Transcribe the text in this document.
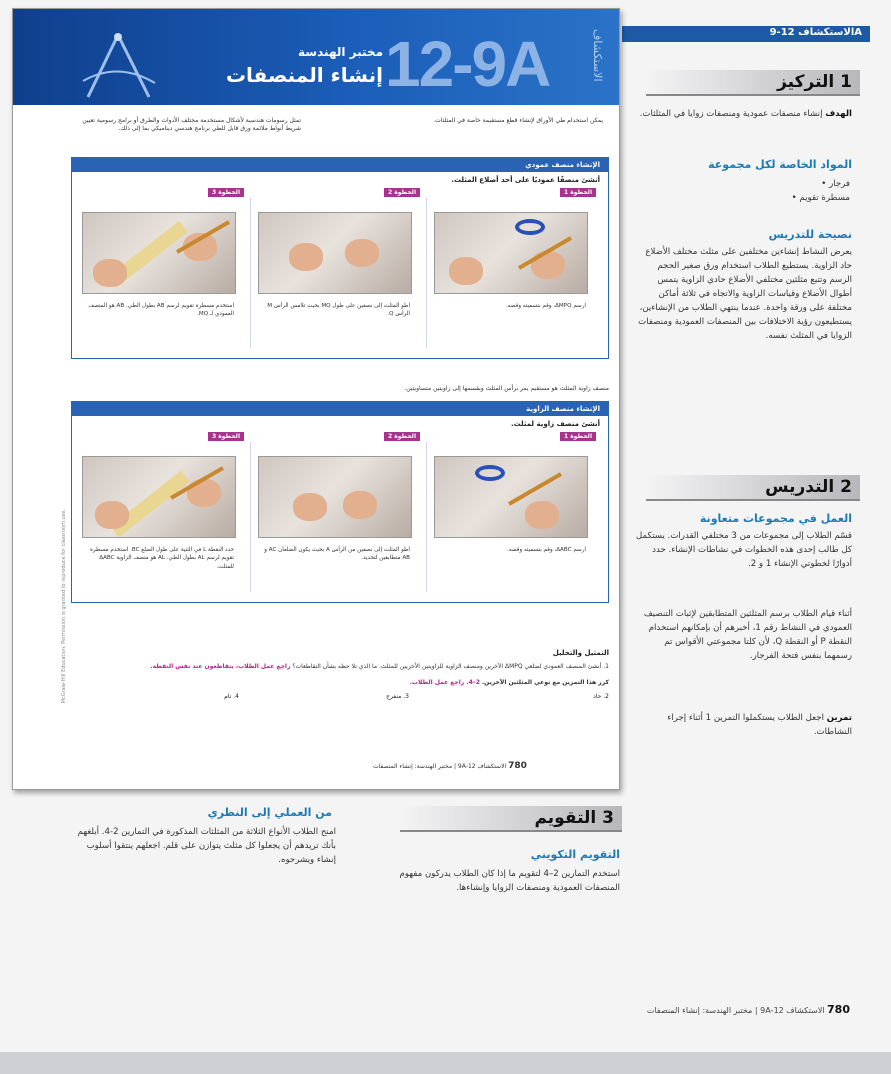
الاستكشاف 12-9A
12-9A
مختبر الهندسة
إنشاء المنصفات	الاستكشاف
يمكن استخدام طي الأوراق لإنشاء قطع مستقيمة خاصة في المثلثات.
تمثل رسومات هندسية لأشكال مستخدمة مختلف الأدوات والطرق أو برامج رسومية تعيين شريط أنواط ملائمة ورق قابل للطي برنامج هندسي ديناميكي بما إلى ذلك.
الإنشاء منصف عمودي
أنشئ منصفًا عموديًا على أحد أضلاع المثلث.
الخطوة 1
ارسم ΔMPQ، وقم بتسميته وقصه.
الخطوة 2
اطو المثلث إلى نصفين على طول MQ بحيث تلامس الرأس M الرأس Q.
الخطوة 3
استخدم مسطرة تقويم لرسم AB بطول الطي. AB هو المنصف العمودي لـ MQ.
منصف زاوية المثلث هو مستقيم يمر برأس المثلث ويقسمها إلى زاويتين متساويتين.
الإنشاء منصف الزاوية
أنشئ منصف زاوية لمثلث.
الخطوة 1
ارسم ΔABC، وقم بتسميته وقصه.
الخطوة 2
اطو المثلث إلى نصفين من الرأس A بحيث يكون الضلعان AC و AB متطابقين لتحديد.
الخطوة 3
حدد النقطة L في الثنية على طول الضلع BC. استخدم مسطرة تقويم لرسم AL بطول الطي. AL هو منصف الزاوية ΔABC للمثلث.
التمثيل والتحليل

1. أنشئ المنصف العمودي لضلعي ΔMPQ الآخرين ومنصف الزاوية للزاويتين الأخريين للمثلث. ما الذي تلا حظه بشأن التقاطعات؟ راجع عمل الطلاب، يتقاطعون عند نفس النقطة.

كرر هذا التمرين مع نوعي المثلثين الآخرين. 2–4. راجع عمل الطلاب.

2. حاد
3. منفرج
4. تام
780 الاستكشاف 12-9A | مختبر الهندسة: إنشاء المنصفات
McGraw-Hill Education. Permission is granted to reproduce for classroom use.
1 التركيز
الهدف إنشاء منصفات عمودية ومنصفات زوايا في المثلثات.
المواد الخاصة لكل مجموعة
فرجار •
مسطرة تقويم •
نصيحة للتدريس
يعرض النشاط إنشاءين مختلفين على مثلث مختلف الأضلاع حاد الزاوية. يستطيع الطلاب استخدام ورق صغير الحجم الرسم وتتبع مثلثين مختلفي الأضلاع حادي الزاوية يتمس أطوال الأضلاع وقياسات الزاوية والاتجاه في ثلاثة أماكن مختلفة على ورقة واحدة. عندما ينتهي الطلاب من الإنشاءين، يستطيعون رؤية الاختلافات بين المنصفات العمودية ومنصفات الزوايا في المثلث نفسه.
2 التدريس
العمل في مجموعات متعاونة
قسّم الطلاب إلى مجموعات من 3 مختلفي القدرات. يستكمل كل طالب إحدى هذه الخطوات في نشاطات الإنشاء. حدد أدوارًا لخطوتي الإنشاء 1 و 2.
أثناء قيام الطلاب برسم المثلثين المتطابقين لإثبات التنصيف العمودي في النشاط رقم 1، أخبرهم أن بإمكانهم استخدام النقطة P أو النقطة Q، لأن كلتا مجموعتي الأقواس تم رسمهما بنفس فتحة الفرجار.
تمرين اجعل الطلاب يستكملوا التمرين 1 أثناء إجراء النشاطات.
3 التقويم
التقويم التكويني
استخدم التمارين 2–4 لتقويم ما إذا كان الطلاب يدركون مفهوم المنصفات العمودية ومنصفات الزوايا وإنشاءها.
من العملي إلى النظري
امنح الطلاب الأنواع الثلاثة من المثلثات المذكورة في التمارين 2-4. أبلغهم بأنك تريدهم أن يجعلوا كل مثلث يتوازن على قلم. اجعلهم ينتقوا أسلوب إنشاء ويشرحوه.
780 الاستكشاف 12-9A | مختبر الهندسة: إنشاء المنصفات
